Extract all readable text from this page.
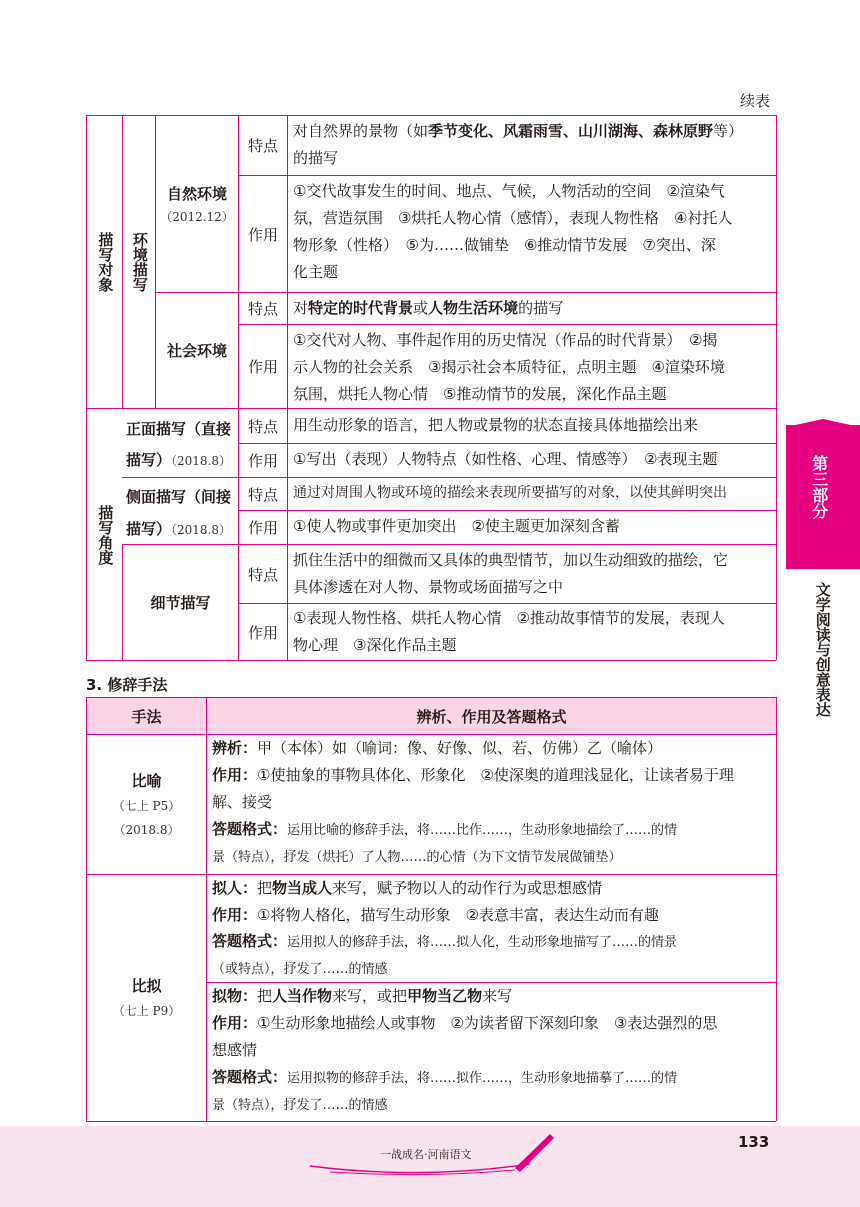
续表
描写对象 环境描写
描写角度
自然环境
（2012.12）
社会环境
特点
作用
特点
作用
特点
作用
特点
作用
特点
作用
对自然界的景物（如季节变化、风霜雨雪、山川湖海、森林原野等）
的描写
①交代故事发生的时间、地点、气候，人物活动的空间　②渲染气
氛，营造氛围　③烘托人物心情（感情），表现人物性格　④衬托人
物形象（性格）　⑤为……做铺垫　⑥推动情节发展　⑦突出、深
化主题
对特定的时代背景或人物生活环境的描写
①交代对人物、事件起作用的历史情况（作品的时代背景）　②揭
示人物的社会关系　③揭示社会本质特征，点明主题　④渲染环境
氛围，烘托人物心情　⑤推动情节的发展，深化作品主题
正面描写（直接
描写）（2018.8）
用生动形象的语言，把人物或景物的状态直接具体地描绘出来
①写出（表现）人物特点（如性格、心理、情感等）　②表现主题
侧面描写（间接
描写）（2018.8）
通过对周围人物或环境的描绘来表现所要描写的对象，以使其鲜明突出
①使人物或事件更加突出　②使主题更加深刻含蓄
细节描写
抓住生活中的细微而又具体的典型情节，加以生动细致的描绘，它
具体渗透在对人物、景物或场面描写之中
①表现人物性格、烘托人物心情　②推动故事情节的发展，表现人
物心理　③深化作品主题
3. 修辞手法
手法	辨析、作用及答题格式
比喻
（七上 P5）
（2018.8）
辨析：甲（本体）如（喻词：像、好像、似、若、仿佛）乙（喻体）
作用：①使抽象的事物具体化、形象化　②使深奥的道理浅显化，让读者易于理
解、接受
答题格式：运用比喻的修辞手法，将……比作……，生动形象地描绘了……的情
景（特点），抒发（烘托）了人物……的心情（为下文情节发展做铺垫）
比拟
（七上 P9）
拟人：把物当成人来写，赋予物以人的动作行为或思想感情
作用：①将物人格化，描写生动形象　②表意丰富，表达生动而有趣
答题格式：运用拟人的修辞手法，将……拟人化，生动形象地描写了……的情景
（或特点），抒发了……的情感
拟物：把人当作物来写，或把甲物当乙物来写
作用：①生动形象地描绘人或事物　②为读者留下深刻印象　③表达强烈的思
想感情
答题格式：运用拟物的修辞手法，将……拟作……，生动形象地描摹了……的情
景（特点），抒发了……的情感
第三部分
文学阅读与创意表达
一战成名·河南语文
133
